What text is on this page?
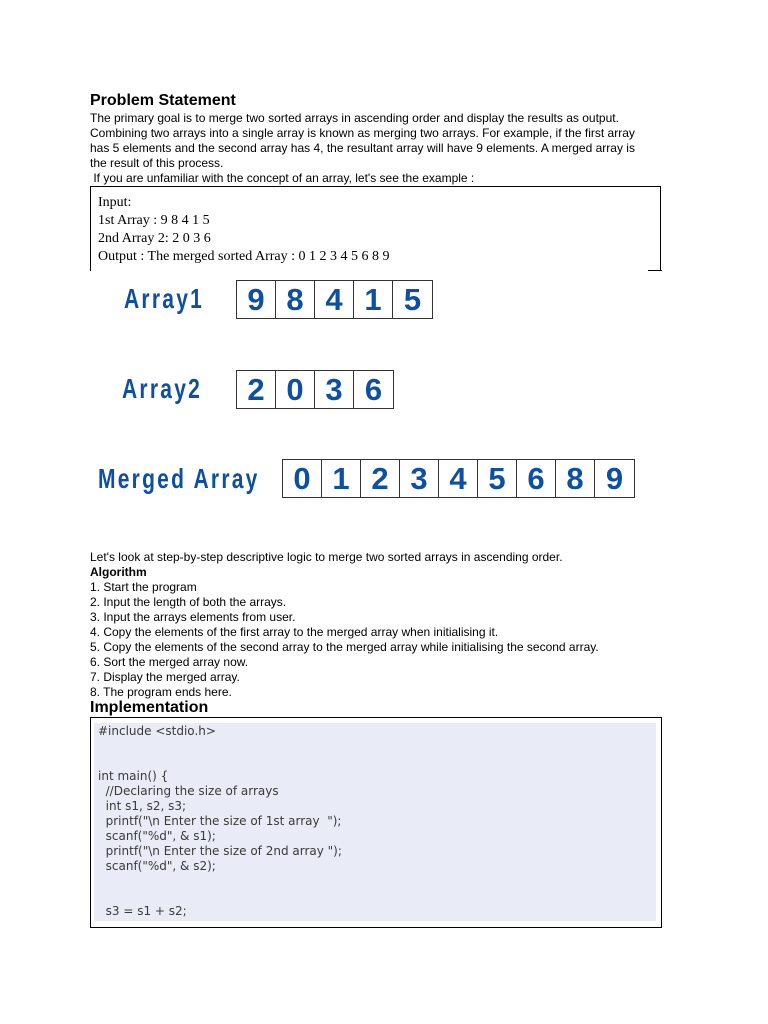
Problem Statement
The primary goal is to merge two sorted arrays in ascending order and display the results as output.
Combining two arrays into a single array is known as merging two arrays. For example, if the first array
has 5 elements and the second array has 4, the resultant array will have 9 elements. A merged array is
the result of this process.
If you are unfamiliar with the concept of an array, let's see the example :
Input:
1st Array : 9 8 4 1 5
2nd Array 2: 2 0 3 6
Output : The merged sorted Array : 0 1 2 3 4 5 6 8 9
Array1	9 8 4 1 5
Array2	2 0 3 6
Merged Array	0 1 2 3 4 5 6 8 9
Let's look at step-by-step descriptive logic to merge two sorted arrays in ascending order.
Algorithm
1. Start the program
2. Input the length of both the arrays.
3. Input the arrays elements from user.
4. Copy the elements of the first array to the merged array when initialising it.
5. Copy the elements of the second array to the merged array while initialising the second array.
6. Sort the merged array now.
7. Display the merged array.
8. The program ends here.
Implementation
#include <stdio.h>
int main() {
//Declaring the size of arrays
int s1, s2, s3;
printf("\n Enter the size of 1st array  ");
scanf("%d", & s1);
printf("\n Enter the size of 2nd array ");
scanf("%d", & s2);
s3 = s1 + s2;
